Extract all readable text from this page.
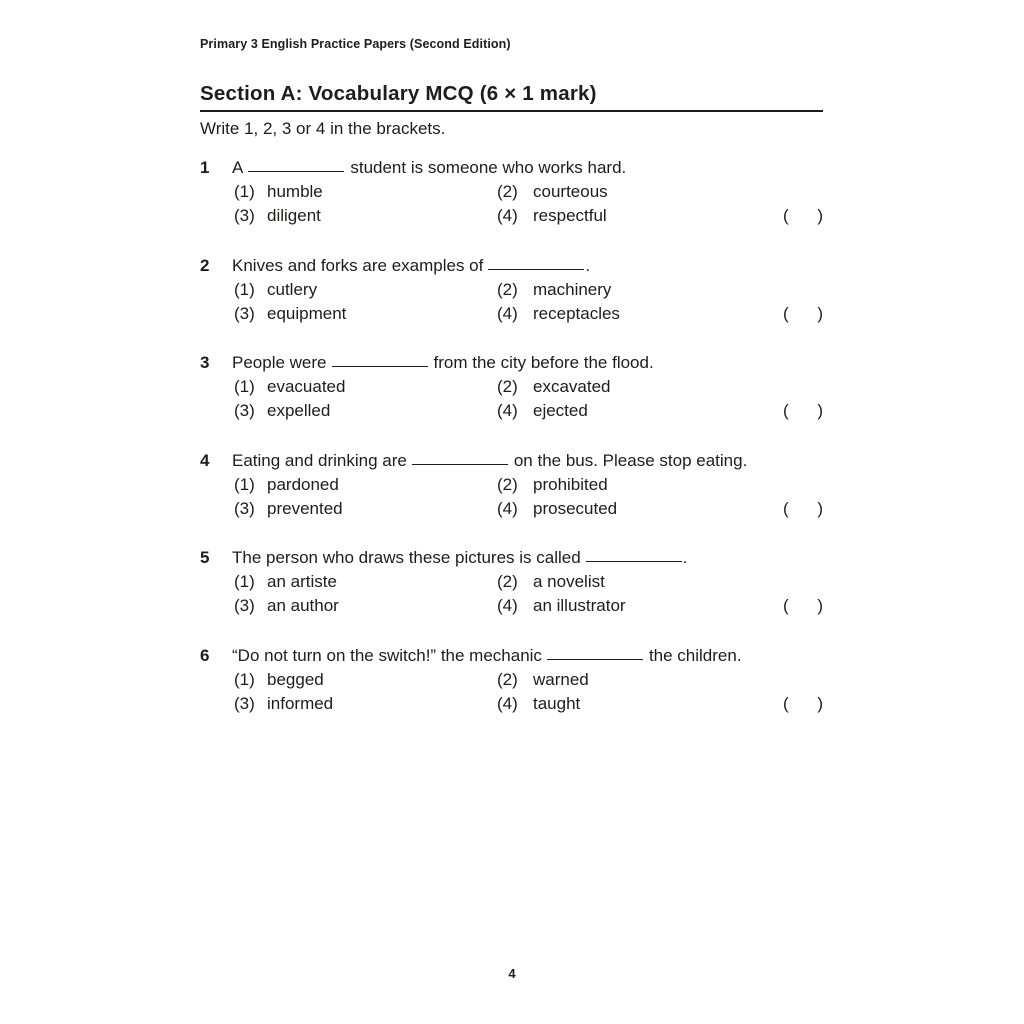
Primary 3 English Practice Papers (Second Edition)
Section A: Vocabulary MCQ (6 × 1 mark)
Write 1, 2, 3 or 4 in the brackets.
1	A	student is someone who works hard.
(1) humble	(2) courteous
(3) diligent	(4) respectful	( )
2	Knives and forks are examples of	.
(1) cutlery	(2) machinery
(3) equipment	(4) receptacles	( )
3	People were	from the city before the flood.
(1) evacuated	(2) excavated
(3) expelled	(4) ejected	( )
4	Eating and drinking are	on the bus. Please stop eating.
(1) pardoned	(2) prohibited
(3) prevented	(4) prosecuted	( )
5	The person who draws these pictures is called	.
(1) an artiste	(2) a novelist
(3) an author	(4) an illustrator	( )
6	“Do not turn on the switch!” the mechanic	the children.
(1) begged	(2) warned
(3) informed	(4) taught	( )
4
